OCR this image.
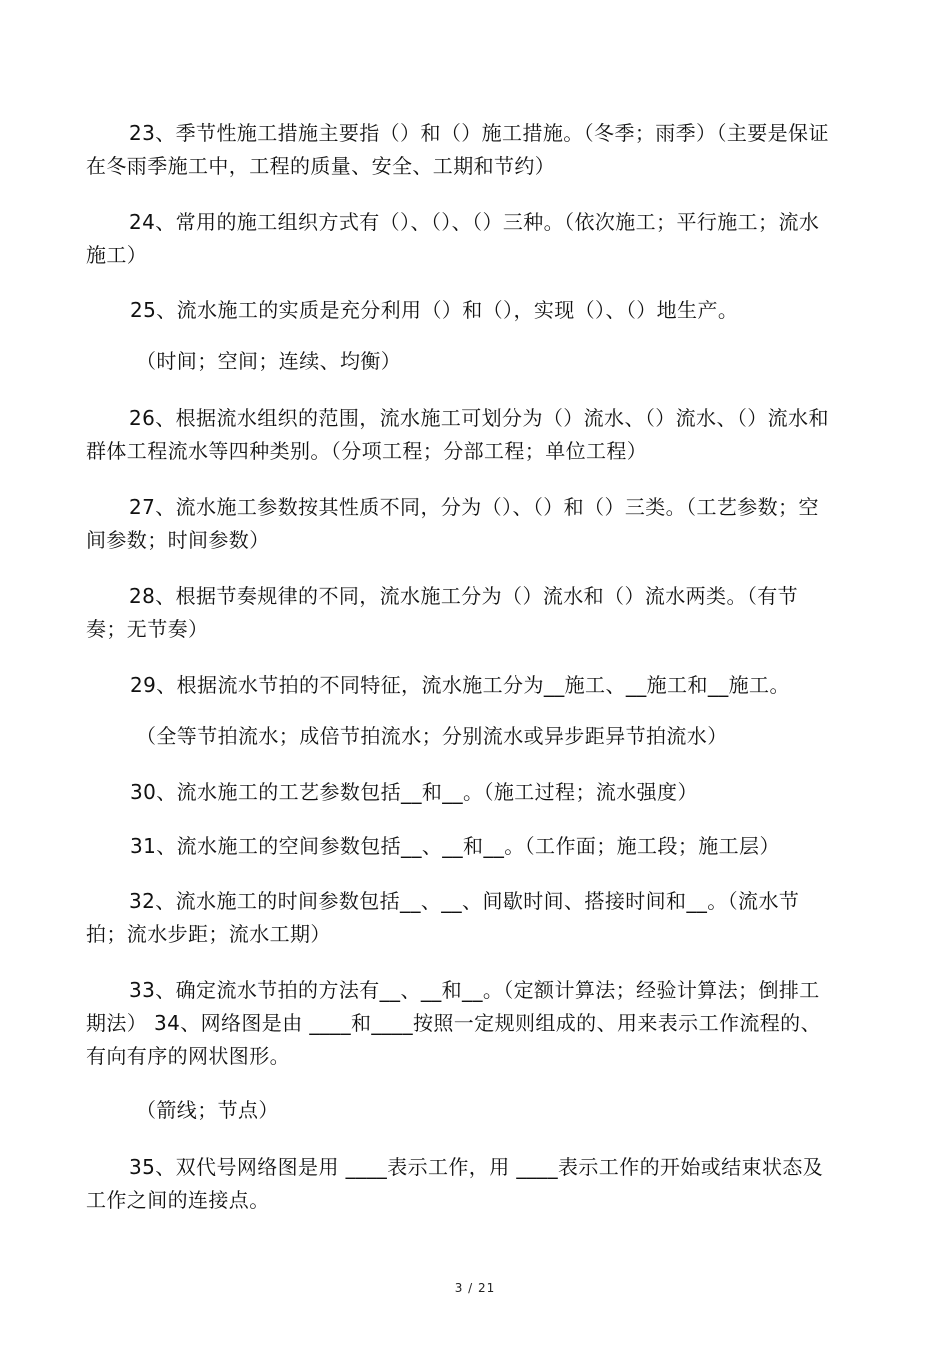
23、季节性施工措施主要指（）和（）施工措施。（冬季；雨季）（主要是保证在冬雨季施工中，工程的质量、安全、工期和节约）

24、常用的施工组织方式有（）、（）、（）三种。（依次施工；平行施工；流水施工）

25、流水施工的实质是充分利用（）和（），实现（）、（）地生产。

（时间；空间；连续、均衡）

26、根据流水组织的范围，流水施工可划分为（）流水、（）流水、（）流水和群体工程流水等四种类别。（分项工程；分部工程；单位工程）

27、流水施工参数按其性质不同，分为（）、（）和（）三类。（工艺参数；空间参数；时间参数）

28、根据节奏规律的不同，流水施工分为（）流水和（）流水两类。（有节奏；无节奏）

29、根据流水节拍的不同特征，流水施工分为__施工、__施工和__施工。

（全等节拍流水；成倍节拍流水；分别流水或异步距异节拍流水）

30、流水施工的工艺参数包括__和__。（施工过程；流水强度）

31、流水施工的空间参数包括__、__和__。（工作面；施工段；施工层）

32、流水施工的时间参数包括__、__、间歇时间、搭接时间和__。（流水节拍；流水步距；流水工期）

33、确定流水节拍的方法有__、__和__。（定额计算法；经验计算法；倒排工期法） 34、网络图是由 ____和____按照一定规则组成的、用来表示工作流程的、有向有序的网状图形。

（箭线；节点）

35、双代号网络图是用 ____表示工作，用 ____表示工作的开始或结束状态及工作之间的连接点。

3 / 21
